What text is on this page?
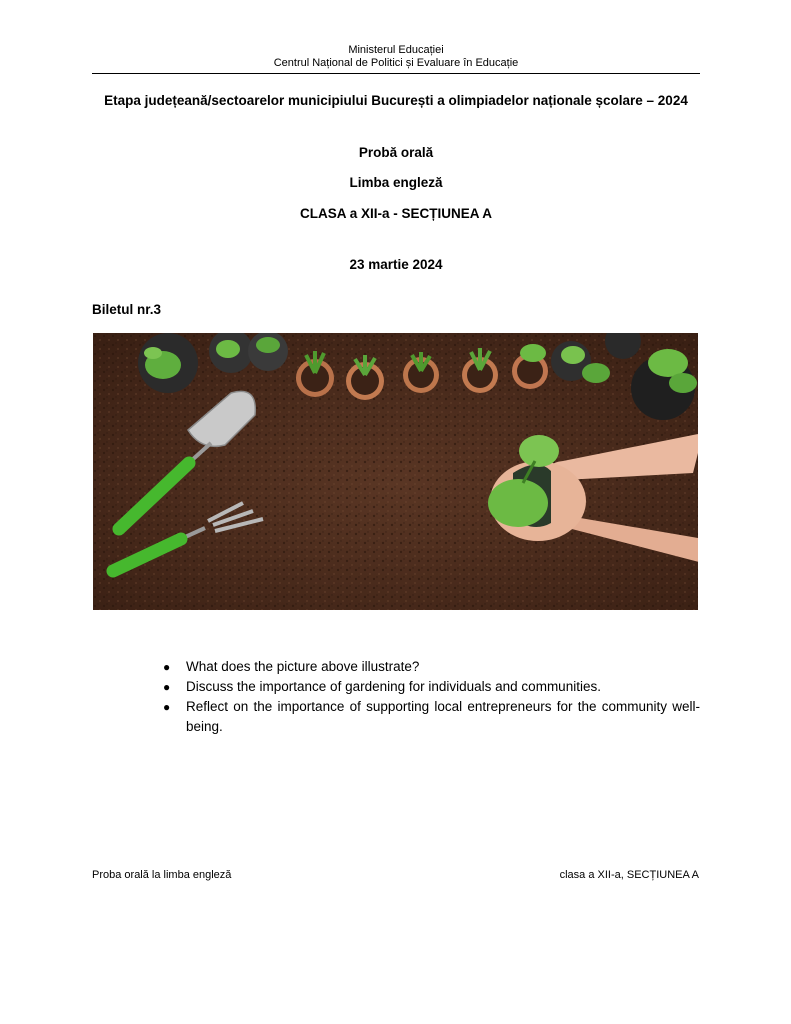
Ministerul Educației
Centrul Național de Politici și Evaluare în Educație
Etapa județeană/sectoarelor municipiului București a olimpiadelor naționale școlare – 2024
Probă orală
Limba engleză
CLASA a XII-a - SECȚIUNEA A
23 martie 2024
Biletul nr.3
● What does the picture above illustrate?
● Discuss the importance of gardening for individuals and communities.
● Reflect on the importance of supporting local entrepreneurs for the community well-being.
Proba orală la limba engleză	clasa a XII-a, SECȚIUNEA A
